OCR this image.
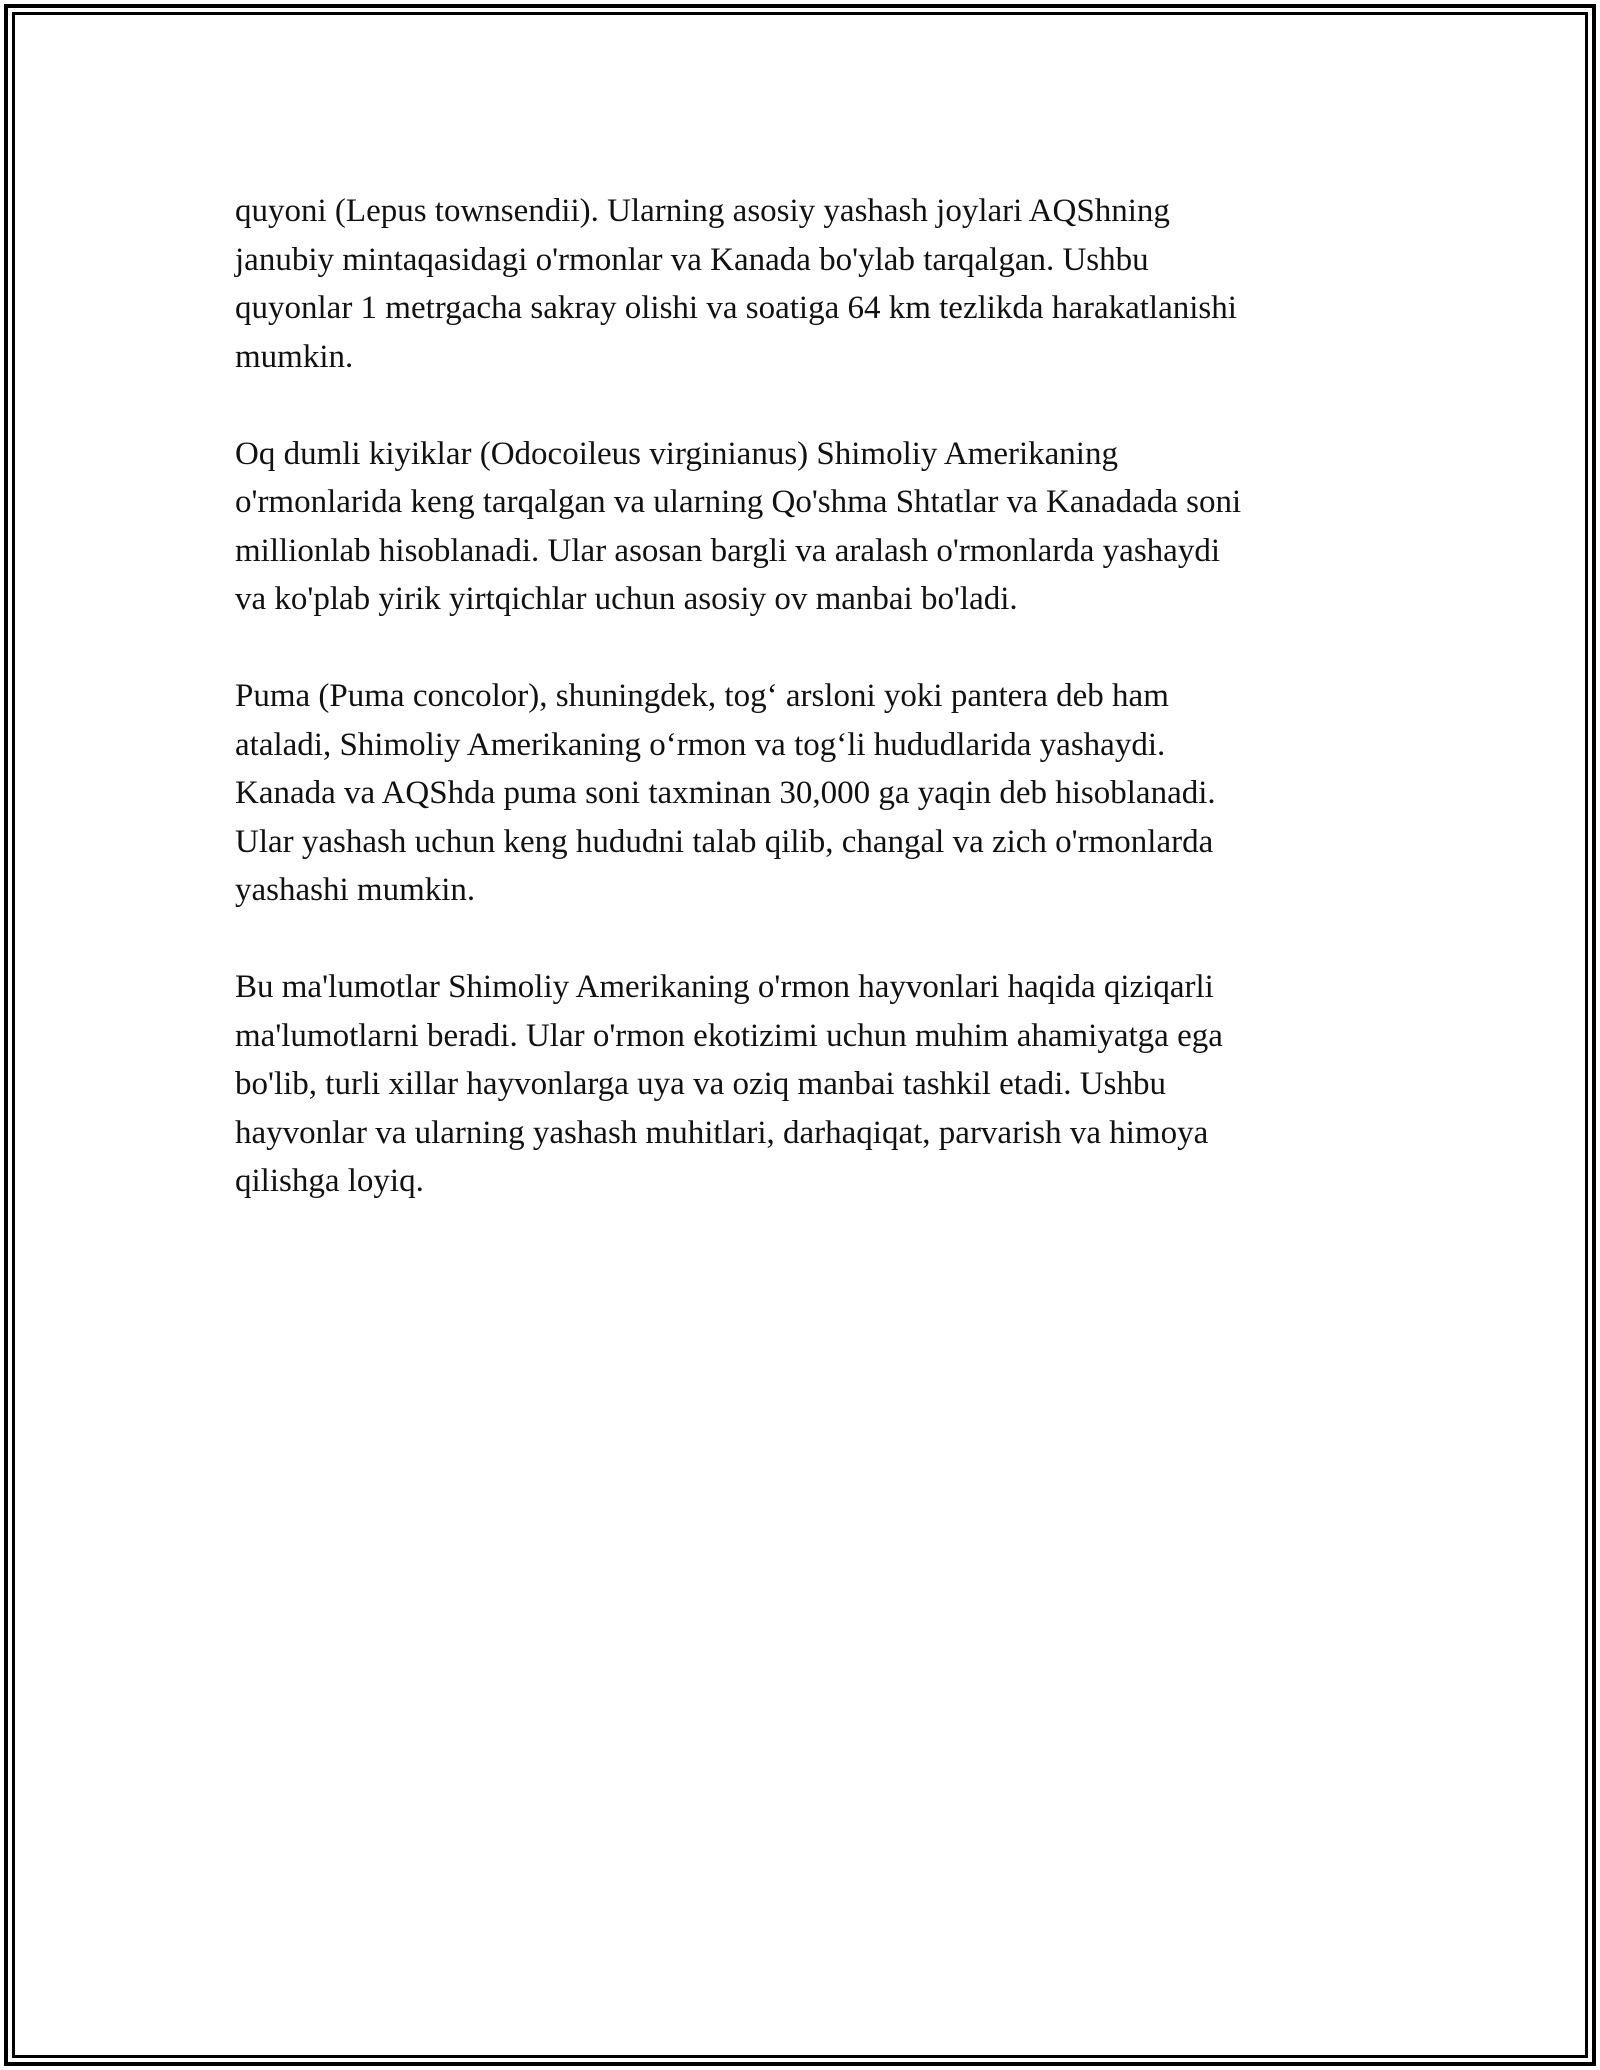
quyoni (Lepus townsendii). Ularning asosiy yashash joylari AQShning
janubiy mintaqasidagi o'rmonlar va Kanada bo'ylab tarqalgan. Ushbu
quyonlar 1 metrgacha sakray olishi va soatiga 64 km tezlikda harakatlanishi
mumkin.

Oq dumli kiyiklar (Odocoileus virginianus) Shimoliy Amerikaning
o'rmonlarida keng tarqalgan va ularning Qo'shma Shtatlar va Kanadada soni
millionlab hisoblanadi. Ular asosan bargli va aralash o'rmonlarda yashaydi
va ko'plab yirik yirtqichlar uchun asosiy ov manbai bo'ladi.

Puma (Puma concolor), shuningdek, tog‘ arsloni yoki pantera deb ham
ataladi, Shimoliy Amerikaning o‘rmon va tog‘li hududlarida yashaydi.
Kanada va AQShda puma soni taxminan 30,000 ga yaqin deb hisoblanadi.
Ular yashash uchun keng hududni talab qilib, changal va zich o'rmonlarda
yashashi mumkin.

Bu ma'lumotlar Shimoliy Amerikaning o'rmon hayvonlari haqida qiziqarli
ma'lumotlarni beradi. Ular o'rmon ekotizimi uchun muhim ahamiyatga ega
bo'lib, turli xillar hayvonlarga uya va oziq manbai tashkil etadi. Ushbu
hayvonlar va ularning yashash muhitlari, darhaqiqat, parvarish va himoya
qilishga loyiq.
